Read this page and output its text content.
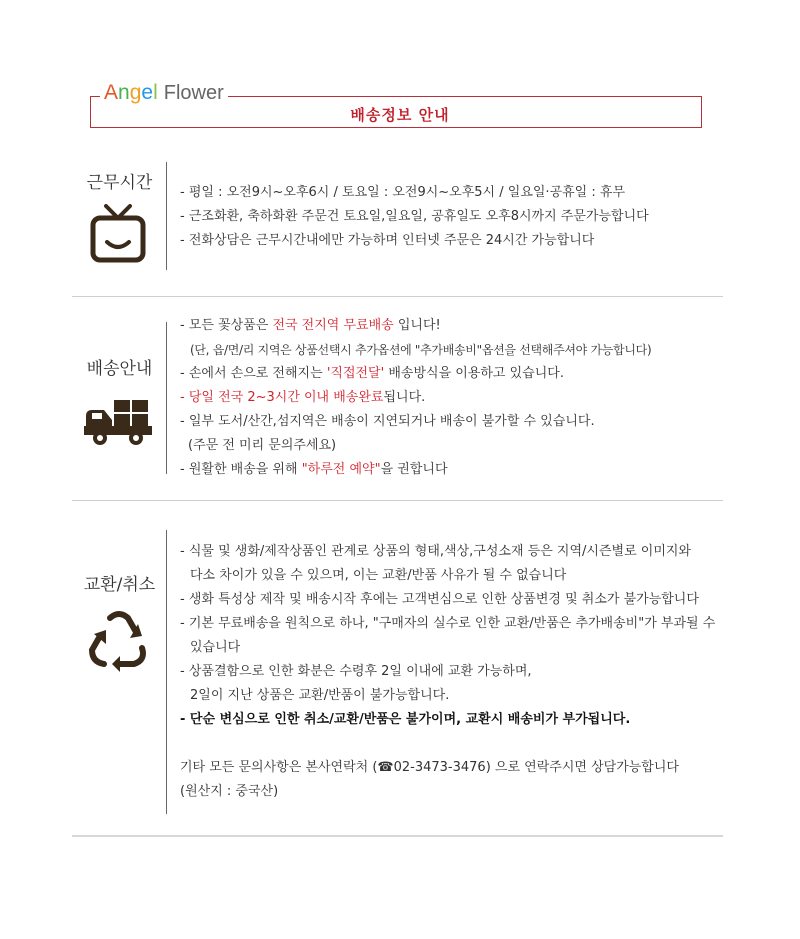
Angel Flower
배송정보 안내
근무시간	- 평일 : 오전9시~오후6시 / 토요일 : 오전9시~오후5시 / 일요일·공휴일 : 휴무

- 근조화환, 축하화환 주문건 토요일,일요일, 공휴일도 오후8시까지 주문가능합니다

- 전화상담은 근무시간내에만 가능하며 인터넷 주문은 24시간 가능합니다

배송안내

- 모든 꽃상품은 전국 전지역 무료배송 입니다!

(단, 읍/면/리 지역은 상품선택시 추가옵션에 "추가배송비"옵션을 선택해주셔야 가능합니다)

- 손에서 손으로 전해지는 '직접전달' 배송방식을 이용하고 있습니다.

- 당일 전국 2~3시간 이내 배송완료됩니다.

- 일부 도서/산간,섬지역은 배송이 지연되거나 배송이 불가할 수 있습니다.

(주문 전 미리 문의주세요)

- 원활한 배송을 위해 "하루전 예약"을 권합니다

교환/취소

- 식물 및 생화/제작상품인 관계로 상품의 형태,색상,구성소재 등은 지역/시즌별로 이미지와

다소 차이가 있을 수 있으며, 이는 교환/반품 사유가 될 수 없습니다

- 생화 특성상 제작 및 배송시작 후에는 고객변심으로 인한 상품변경 및 취소가 불가능합니다

- 기본 무료배송을 원칙으로 하나, "구매자의 실수로 인한 교환/반품은 추가배송비"가 부과될 수

있습니다

- 상품결함으로 인한 화분은 수령후 2일 이내에 교환 가능하며,

2일이 지난 상품은 교환/반품이 불가능합니다.

- 단순 변심으로 인한 취소/교환/반품은 불가이며, 교환시 배송비가 부가됩니다.

기타 모든 문의사항은 본사연락처 (☎02-3473-3476) 으로 연락주시면 상담가능합니다

(원산지 : 중국산)
